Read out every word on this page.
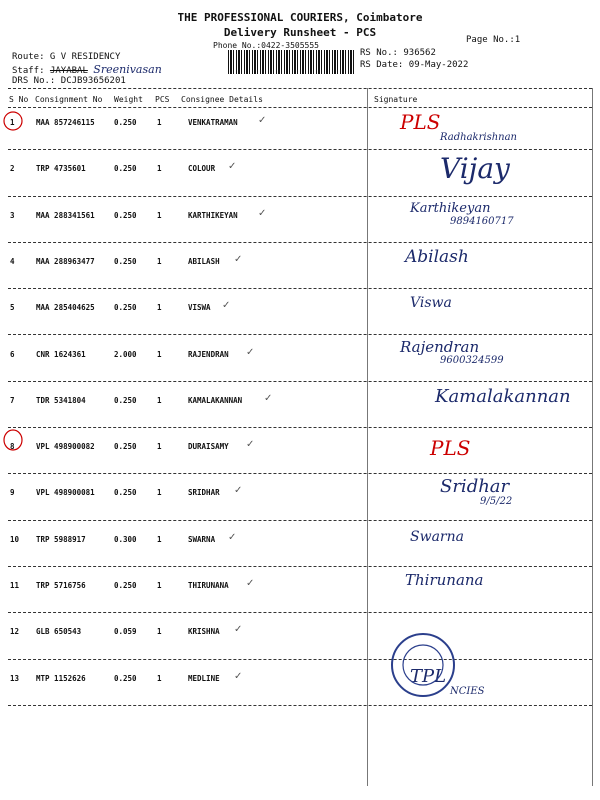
THE PROFESSIONAL COURIERS, Coimbatore
Delivery Runsheet - PCS
Phone No.:0422-3505555
Page No.:1
Route: G V RESIDENCY
Staff: JAYABAL Sreenivasan
DRS No.: DCJB93656201
RS No.: 936562
RS Date: 09-May-2022
S No Consignment No Weight PCS Consignee Details	Signature
1	MAA 857246115	0.250	1	VENKATRAMAN ✓	PLS
Radhakrishnan
2	TRP 4735601	0.250	1	COLOUR ✓	Vijay
3	MAA 288341561	0.250	1	KARTHIKEYAN ✓	Karthikeyan
9894160717
4	MAA 288963477	0.250	1	ABILASH ✓	Abilash
5	MAA 285404625	0.250	1	VISWA ✓	Viswa
6	CNR 1624361	2.000	1	RAJENDRAN ✓	Rajendran
9600324599
7	TDR 5341804	0.250	1	KAMALAKANNAN ✓	Kamalakannan
8	VPL 498900082	0.250	1	DURAISAMY ✓	PLS
9	VPL 498900081	0.250	1	SRIDHAR ✓	Sridhar
9/5/22
10 TRP 5988917	0.300	1	SWARNA ✓	Swarna
11 TRP 5716756	0.250	1	THIRUNANA ✓	Thirunana
12 GLB 650543	0.059	1	KRISHNA ✓
13 MTP 1152626	0.250	1	MEDLINE ✓	TPL
NCIES
